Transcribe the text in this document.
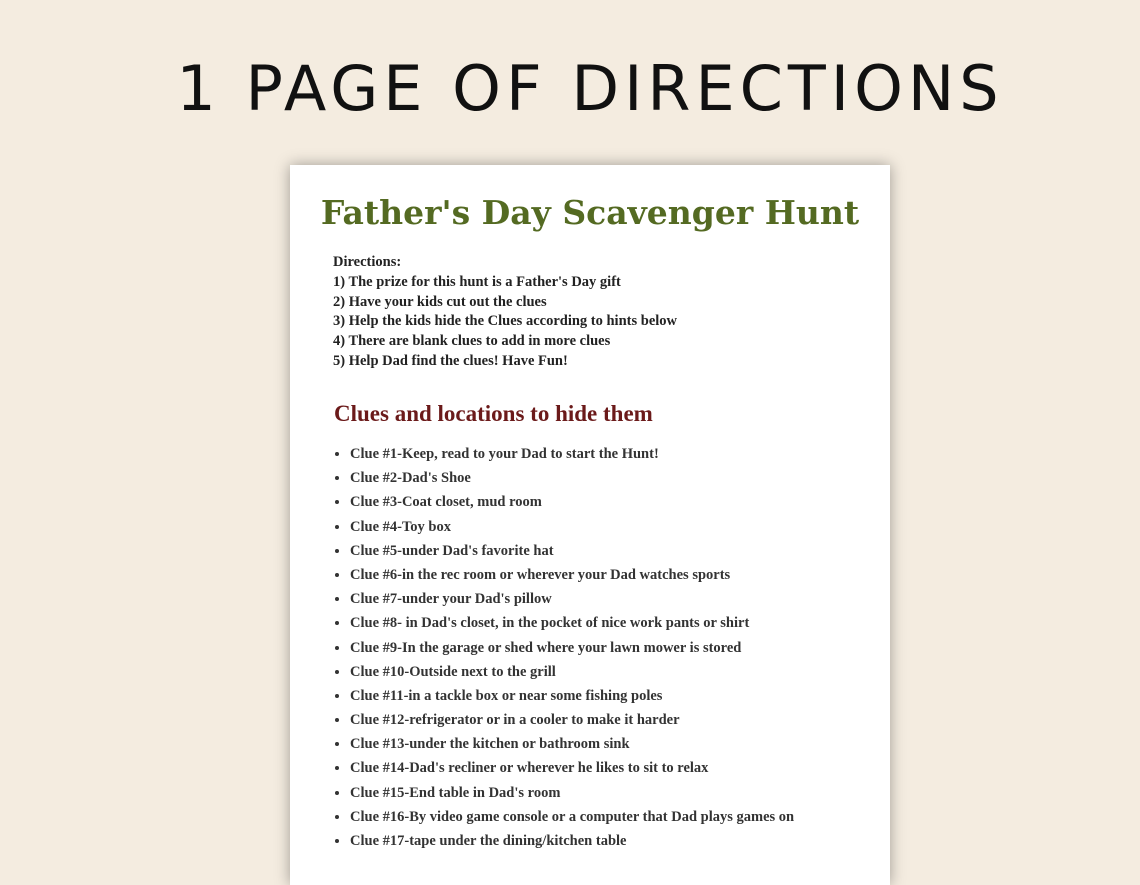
1 PAGE OF DIRECTIONS
Father's Day Scavenger Hunt
Directions:
1) The prize for this hunt is a Father's Day gift
2) Have your kids cut out the clues
3) Help the kids hide the Clues according to hints below
4) There are blank clues to add in more clues
5) Help Dad find the clues! Have Fun!
Clues and locations to hide them
• Clue #1-Keep, read to your Dad to start the Hunt!
• Clue #2-Dad's Shoe
• Clue #3-Coat closet, mud room
• Clue #4-Toy box
• Clue #5-under Dad's favorite hat
• Clue #6-in the rec room or wherever your Dad watches sports
• Clue #7-under your Dad's pillow
• Clue #8- in Dad's closet, in the pocket of nice work pants or shirt
• Clue #9-In the garage or shed where your lawn mower is stored
• Clue #10-Outside next to the grill
• Clue #11-in a tackle box or near some fishing poles
• Clue #12-refrigerator or in a cooler to make it harder
• Clue #13-under the kitchen or bathroom sink
• Clue #14-Dad's recliner or wherever he likes to sit to relax
• Clue #15-End table in Dad's room
• Clue #16-By video game console or a computer that Dad plays games on
• Clue #17-tape under the dining/kitchen table
